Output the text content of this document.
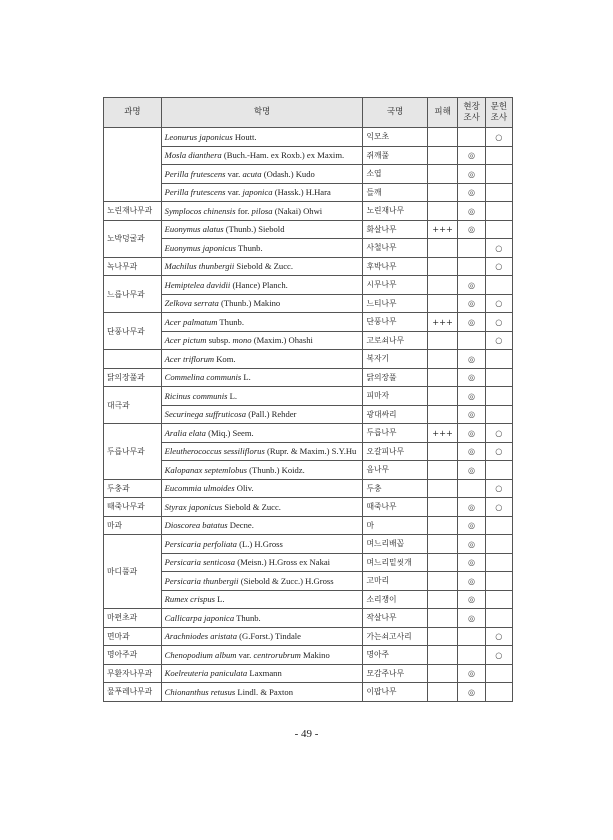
과명	학명	국명	피해	현장 조사	문헌 조사
	Leonurus japonicus Houtt.	익모초			○
	Mosla dianthera (Buch.-Ham. ex Roxb.) ex Maxim.	쥐깨풀		◎	
	Perilla frutescens var. acuta (Odash.) Kudo	소엽		◎	
	Perilla frutescens var. japonica (Hassk.) H.Hara	들깨		◎	
노린재나무과	Symplocos chinensis for. pilosa (Nakai) Ohwi	노린재나무		◎	
노박덩굴과	Euonymus alatus (Thunb.) Siebold	화살나무	+++	◎	
	Euonymus japonicus Thunb.	사철나무			○
녹나무과	Machilus thunbergii Siebold & Zucc.	후박나무			○
느릅나무과	Hemiptelea davidii (Hance) Planch.	시무나무		◎	
	Zelkova serrata (Thunb.) Makino	느티나무		◎	○
단풍나무과	Acer palmatum Thunb.	단풍나무	+++	◎	○
	Acer pictum subsp. mono (Maxim.) Ohashi	고로쇠나무			○
	Acer triflorum Kom.	복자기		◎	
닭의장풀과	Commelina communis L.	닭의장풀		◎	
대극과	Ricinus communis L.	피마자		◎	
	Securinega suffruticosa (Pall.) Rehder	광대싸리		◎	
두릅나무과	Aralia elata (Miq.) Seem.	두릅나무	+++	◎	○
	Eleutherococcus sessiliflorus (Rupr. & Maxim.) S.Y.Hu	오갈피나무		◎	○
	Kalopanax septemlobus (Thunb.) Koidz.	음나무		◎	
두충과	Eucommia ulmoides Oliv.	두충			○
때죽나무과	Styrax japonicus Siebold & Zucc.	때죽나무		◎	○
마과	Dioscorea batatus Decne.	마		◎	
마디풀과	Persicaria perfoliata (L.) H.Gross	며느리배꼽		◎	
	Persicaria senticosa (Meisn.) H.Gross ex Nakai	며느리밑씻개		◎	
	Persicaria thunbergii (Siebold & Zucc.) H.Gross	고마리		◎	
	Rumex crispus L.	소리쟁이		◎	
마편초과	Callicarpa japonica Thunb.	작살나무		◎	
면마과	Arachniodes aristata (G.Forst.) Tindale	가는쇠고사리			○
명아주과	Chenopodium album var. centrorubrum Makino	명아주			○
무환자나무과	Koelreuteria paniculata Laxmann	모감주나무		◎	
물푸레나무과	Chionanthus retusus Lindl. & Paxton	이팝나무		◎	
- 49 -
